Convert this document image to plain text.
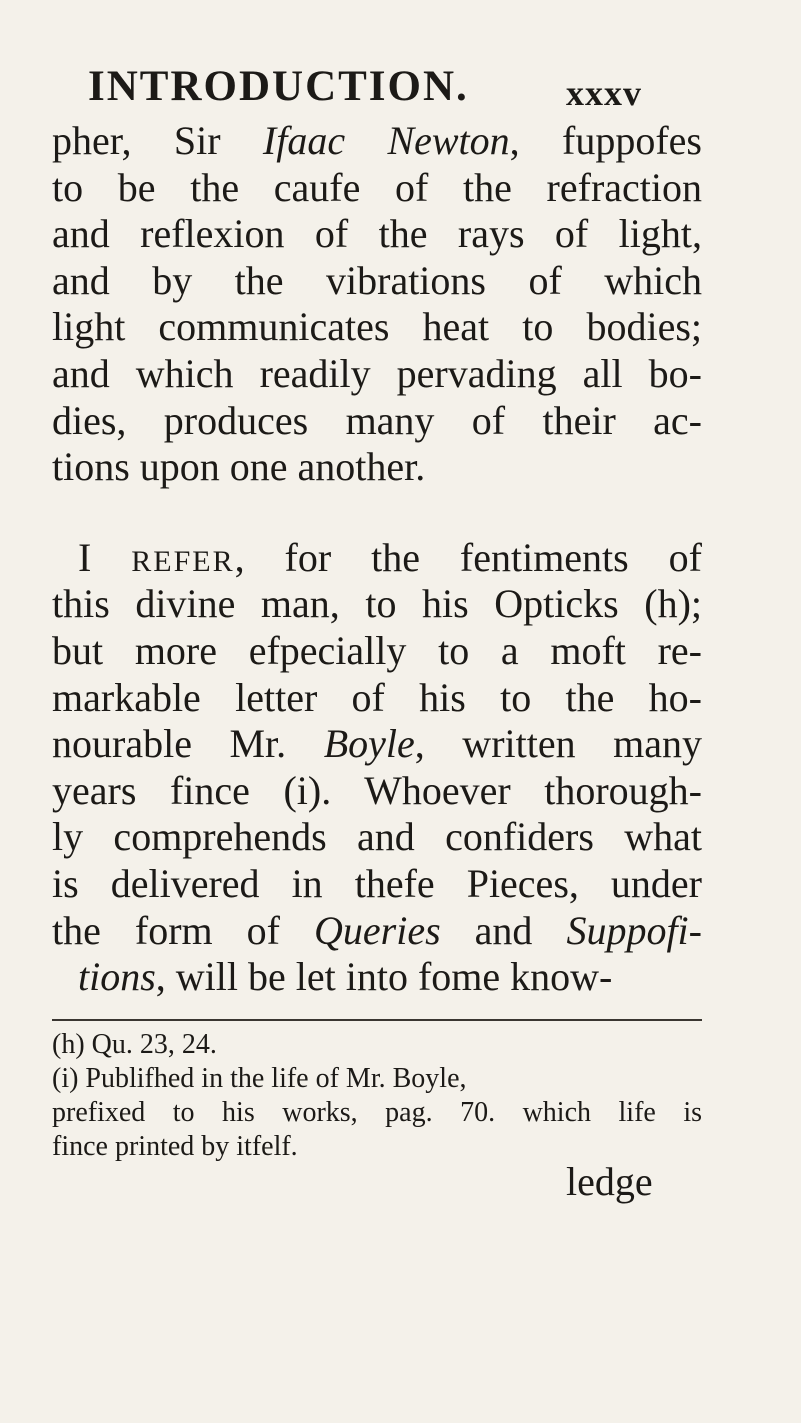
INTRODUCTION.	xxxv
pher, Sir Ifaac Newton, fuppofes
to be the caufe of the refraction
and reflexion of the rays of light,
and by the vibrations of which
light communicates heat to bodies;
and which readily pervading all bo-
dies, produces many of their ac-
tions upon one another.
I REFER, for the fentiments of
this divine man, to his Opticks (h);
but more efpecially to a moft re-
markable letter of his to the ho-
nourable Mr. Boyle, written many
years fince (i). Whoever thorough-
ly comprehends and confiders what
is delivered in thefe Pieces, under
the form of Queries and Suppofi-
tions, will be let into fome know-
(h) Qu. 23, 24.
(i) Publifhed in the life of Mr. Boyle,
prefixed to his works, pag. 70. which life is
fince printed by itfelf.
ledge
